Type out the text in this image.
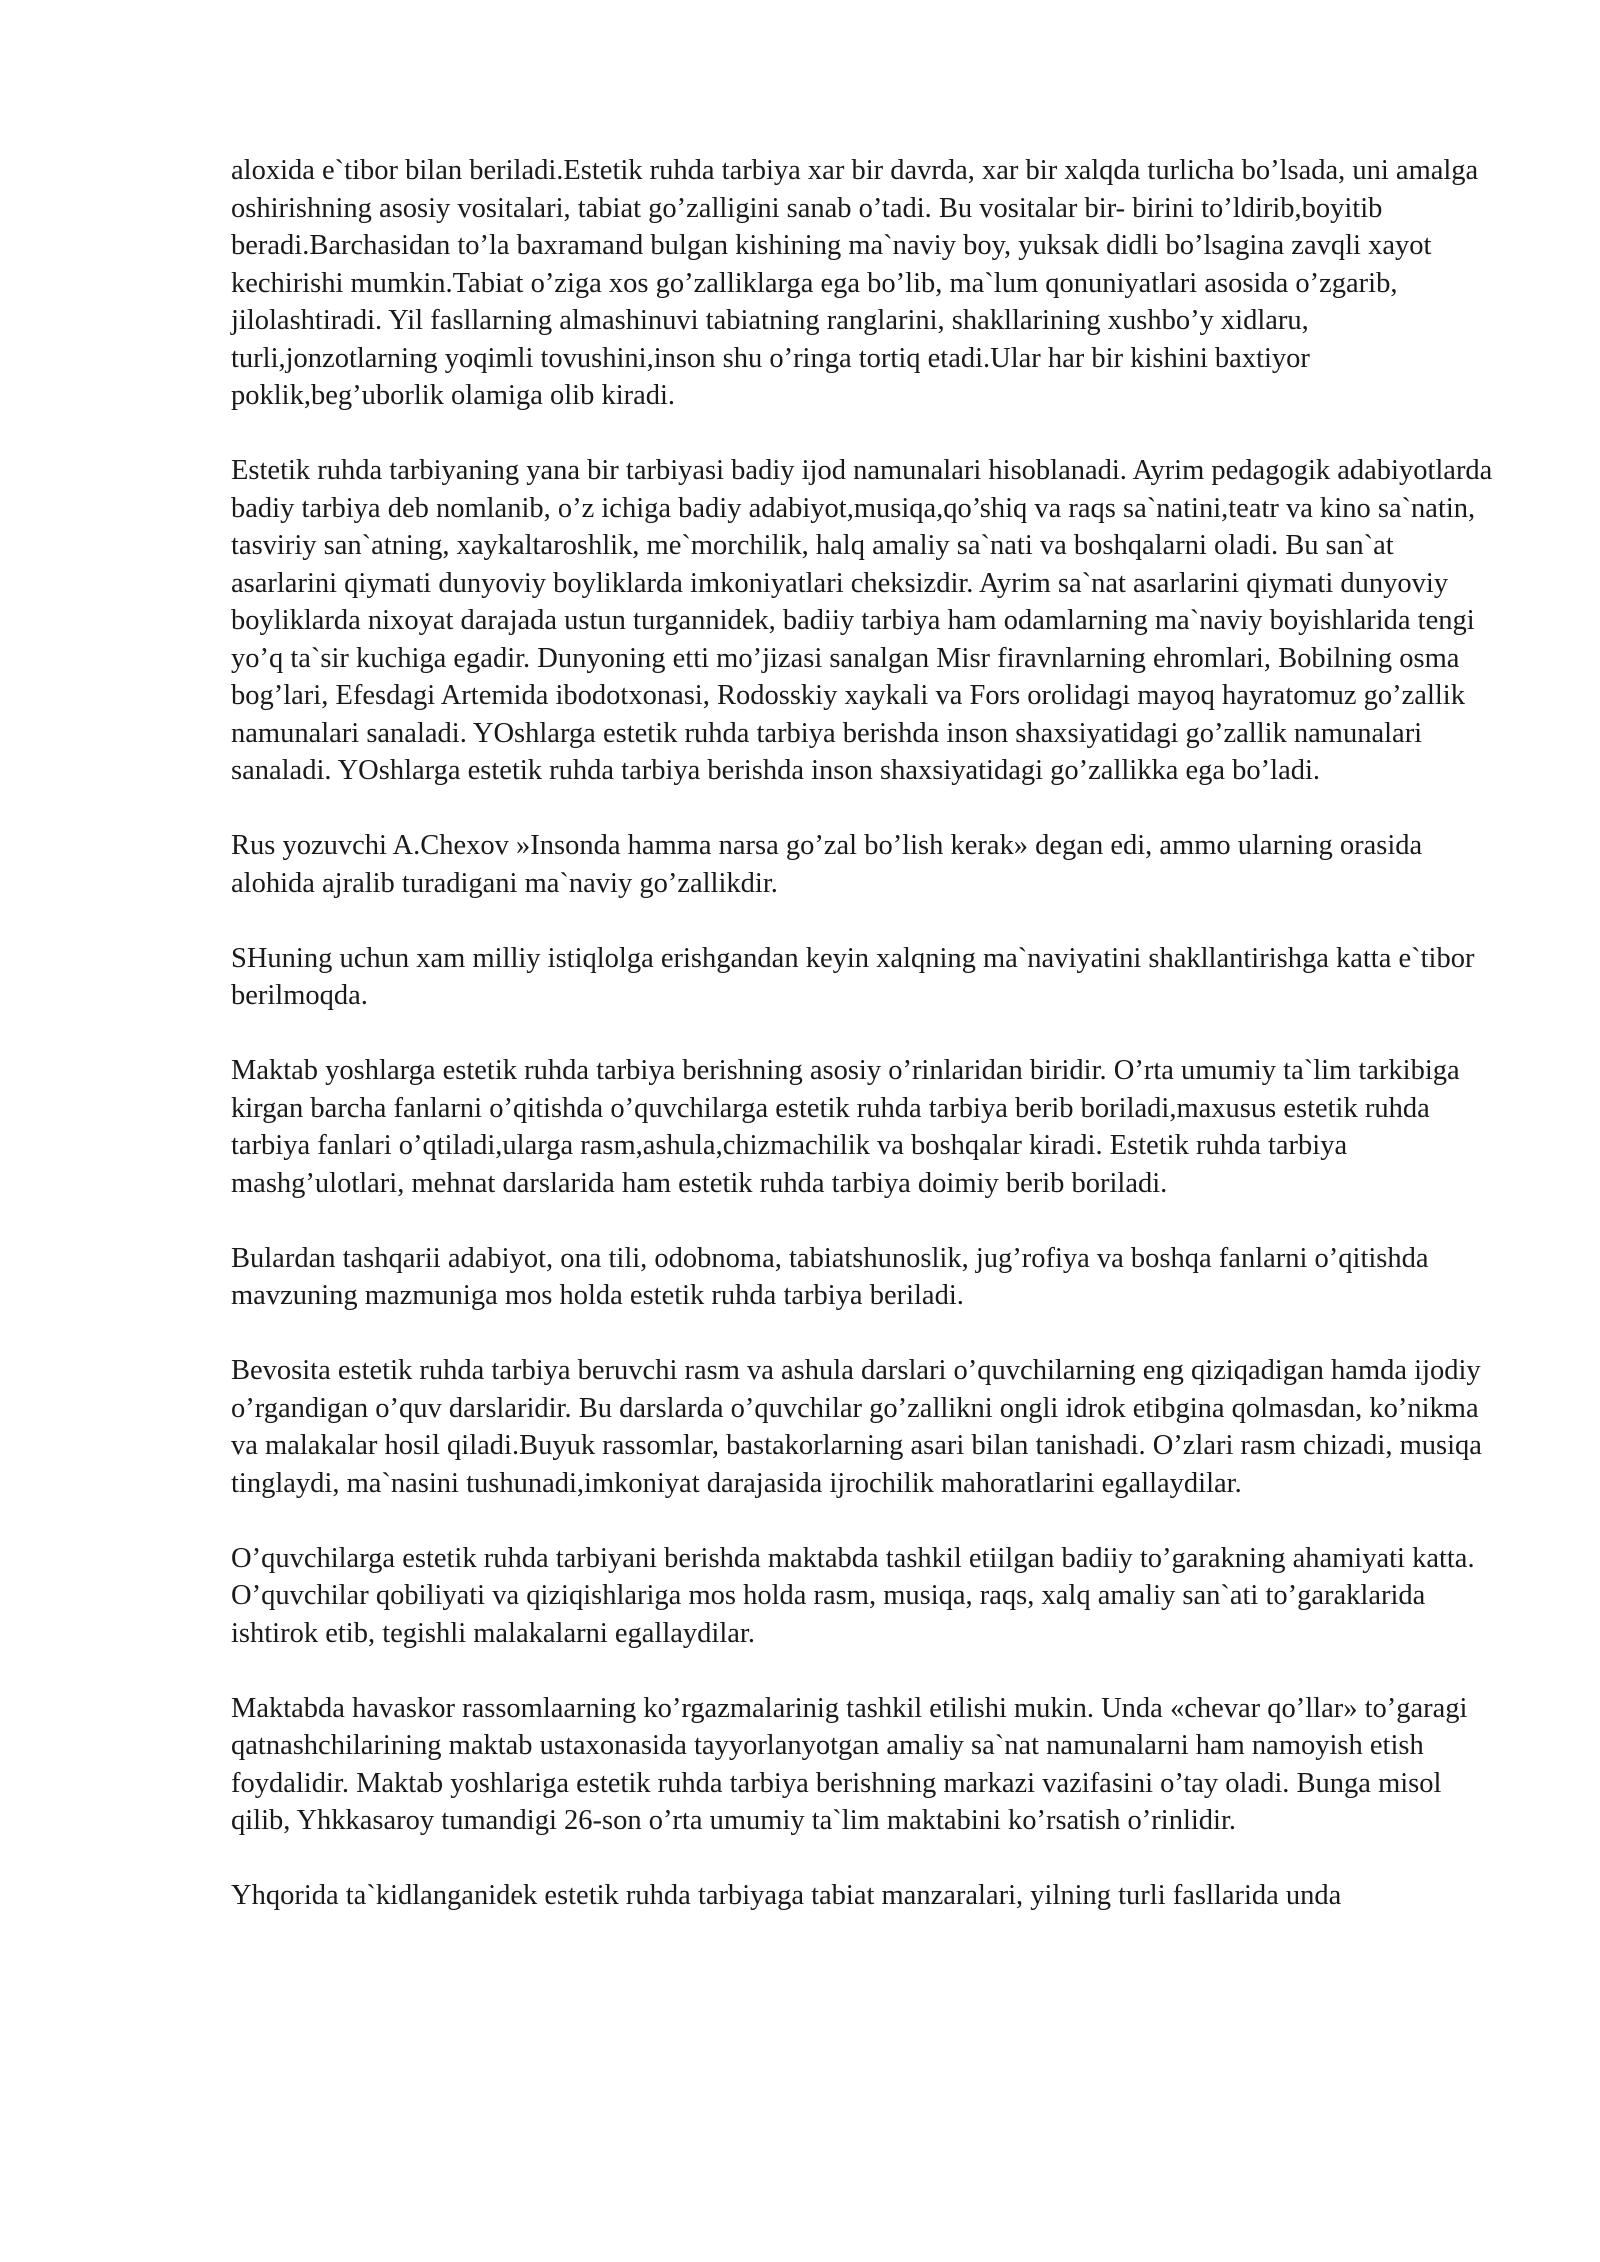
aloxida e`tibor bilan beriladi.Estetik ruhda tarbiya xar bir davrda, xar bir xalqda turlicha bo’lsada, uni amalga oshirishning asosiy vositalari, tabiat go’zalligini sanab o’tadi. Bu vositalar bir- birini to’ldirib,boyitib beradi.Barchasidan to’la baxramand bulgan kishining ma`naviy boy, yuksak didli bo’lsagina zavqli xayot kechirishi mumkin.Tabiat o’ziga xos go’zalliklarga ega bo’lib, ma`lum qonuniyatlari asosida o’zgarib, jilolashtiradi. Yil fasllarning almashinuvi tabiatning ranglarini, shakllarining xushbo’y xidlaru, turli,jonzotlarning yoqimli tovushini,inson shu o’ringa tortiq etadi.Ular har bir kishini baxtiyor poklik,beg’uborlik olamiga olib kiradi.

Estetik ruhda tarbiyaning yana bir tarbiyasi badiy ijod namunalari hisoblanadi. Ayrim pedagogik adabiyotlarda badiy tarbiya deb nomlanib, o’z ichiga badiy adabiyot,musiqa,qo’shiq va raqs sa`natini,teatr va kino sa`natin, tasviriy san`atning, xaykaltaroshlik, me`morchilik, halq amaliy sa`nati va boshqalarni oladi. Bu san`at asarlarini qiymati dunyoviy boyliklarda imkoniyatlari cheksizdir. Ayrim sa`nat asarlarini qiymati dunyoviy boyliklarda nixoyat darajada ustun turgannidek, badiiy tarbiya ham odamlarning ma`naviy boyishlarida tengi yo’q ta`sir kuchiga egadir. Dunyoning etti mo’jizasi sanalgan Misr firavnlarning ehromlari, Bobilning osma bog’lari, Efesdagi Artemida ibodotxonasi, Rodosskiy xaykali va Fors orolidagi mayoq hayratomuz go’zallik namunalari sanaladi. YOshlarga estetik ruhda tarbiya berishda inson shaxsiyatidagi go’zallik namunalari sanaladi. YOshlarga estetik ruhda tarbiya berishda inson shaxsiyatidagi go’zallikka ega bo’ladi.

Rus yozuvchi A.Chexov »Insonda hamma narsa go’zal bo’lish kerak» degan edi, ammo ularning orasida alohida ajralib turadigani ma`naviy go’zallikdir.

SHuning uchun xam milliy istiqlolga erishgandan keyin xalqning ma`naviyatini shakllantirishga katta e`tibor berilmoqda.

Maktab yoshlarga estetik ruhda tarbiya berishning asosiy o’rinlaridan biridir. O’rta umumiy ta`lim tarkibiga kirgan barcha fanlarni o’qitishda o’quvchilarga estetik ruhda tarbiya berib boriladi,maxusus estetik ruhda tarbiya fanlari o’qtiladi,ularga rasm,ashula,chizmachilik va boshqalar kiradi. Estetik ruhda tarbiya mashg’ulotlari, mehnat darslarida ham estetik ruhda tarbiya doimiy berib boriladi.

Bulardan tashqarii adabiyot, ona tili, odobnoma, tabiatshunoslik, jug’rofiya va boshqa fanlarni o’qitishda mavzuning mazmuniga mos holda estetik ruhda tarbiya beriladi.

Bevosita estetik ruhda tarbiya beruvchi rasm va ashula darslari o’quvchilarning eng qiziqadigan hamda ijodiy o’rgandigan o’quv darslaridir. Bu darslarda o’quvchilar go’zallikni ongli idrok etibgina qolmasdan, ko’nikma va malakalar hosil qiladi.Buyuk rassomlar, bastakorlarning asari bilan tanishadi. O’zlari rasm chizadi, musiqa tinglaydi, ma`nasini tushunadi,imkoniyat darajasida ijrochilik mahoratlarini egallaydilar.

O’quvchilarga estetik ruhda tarbiyani berishda maktabda tashkil etiilgan badiiy to’garakning ahamiyati katta. O’quvchilar qobiliyati va qiziqishlariga mos holda rasm, musiqa, raqs, xalq amaliy san`ati to’garaklarida ishtirok etib, tegishli malakalarni egallaydilar.

Maktabda havaskor rassomlaarning ko’rgazmalarinig tashkil etilishi mukin. Unda «chevar qo’llar» to’garagi qatnashchilarining maktab ustaxonasida tayyorlanyotgan amaliy sa`nat namunalarni ham namoyish etish foydalidir. Maktab yoshlariga estetik ruhda tarbiya berishning markazi vazifasini o’tay oladi. Bunga misol qilib, Yhkkasaroy tumandigi 26-son o’rta umumiy ta`lim maktabini ko’rsatish o’rinlidir.

Yhqorida ta`kidlanganidek estetik ruhda tarbiyaga tabiat manzaralari, yilning turli fasllarida unda
